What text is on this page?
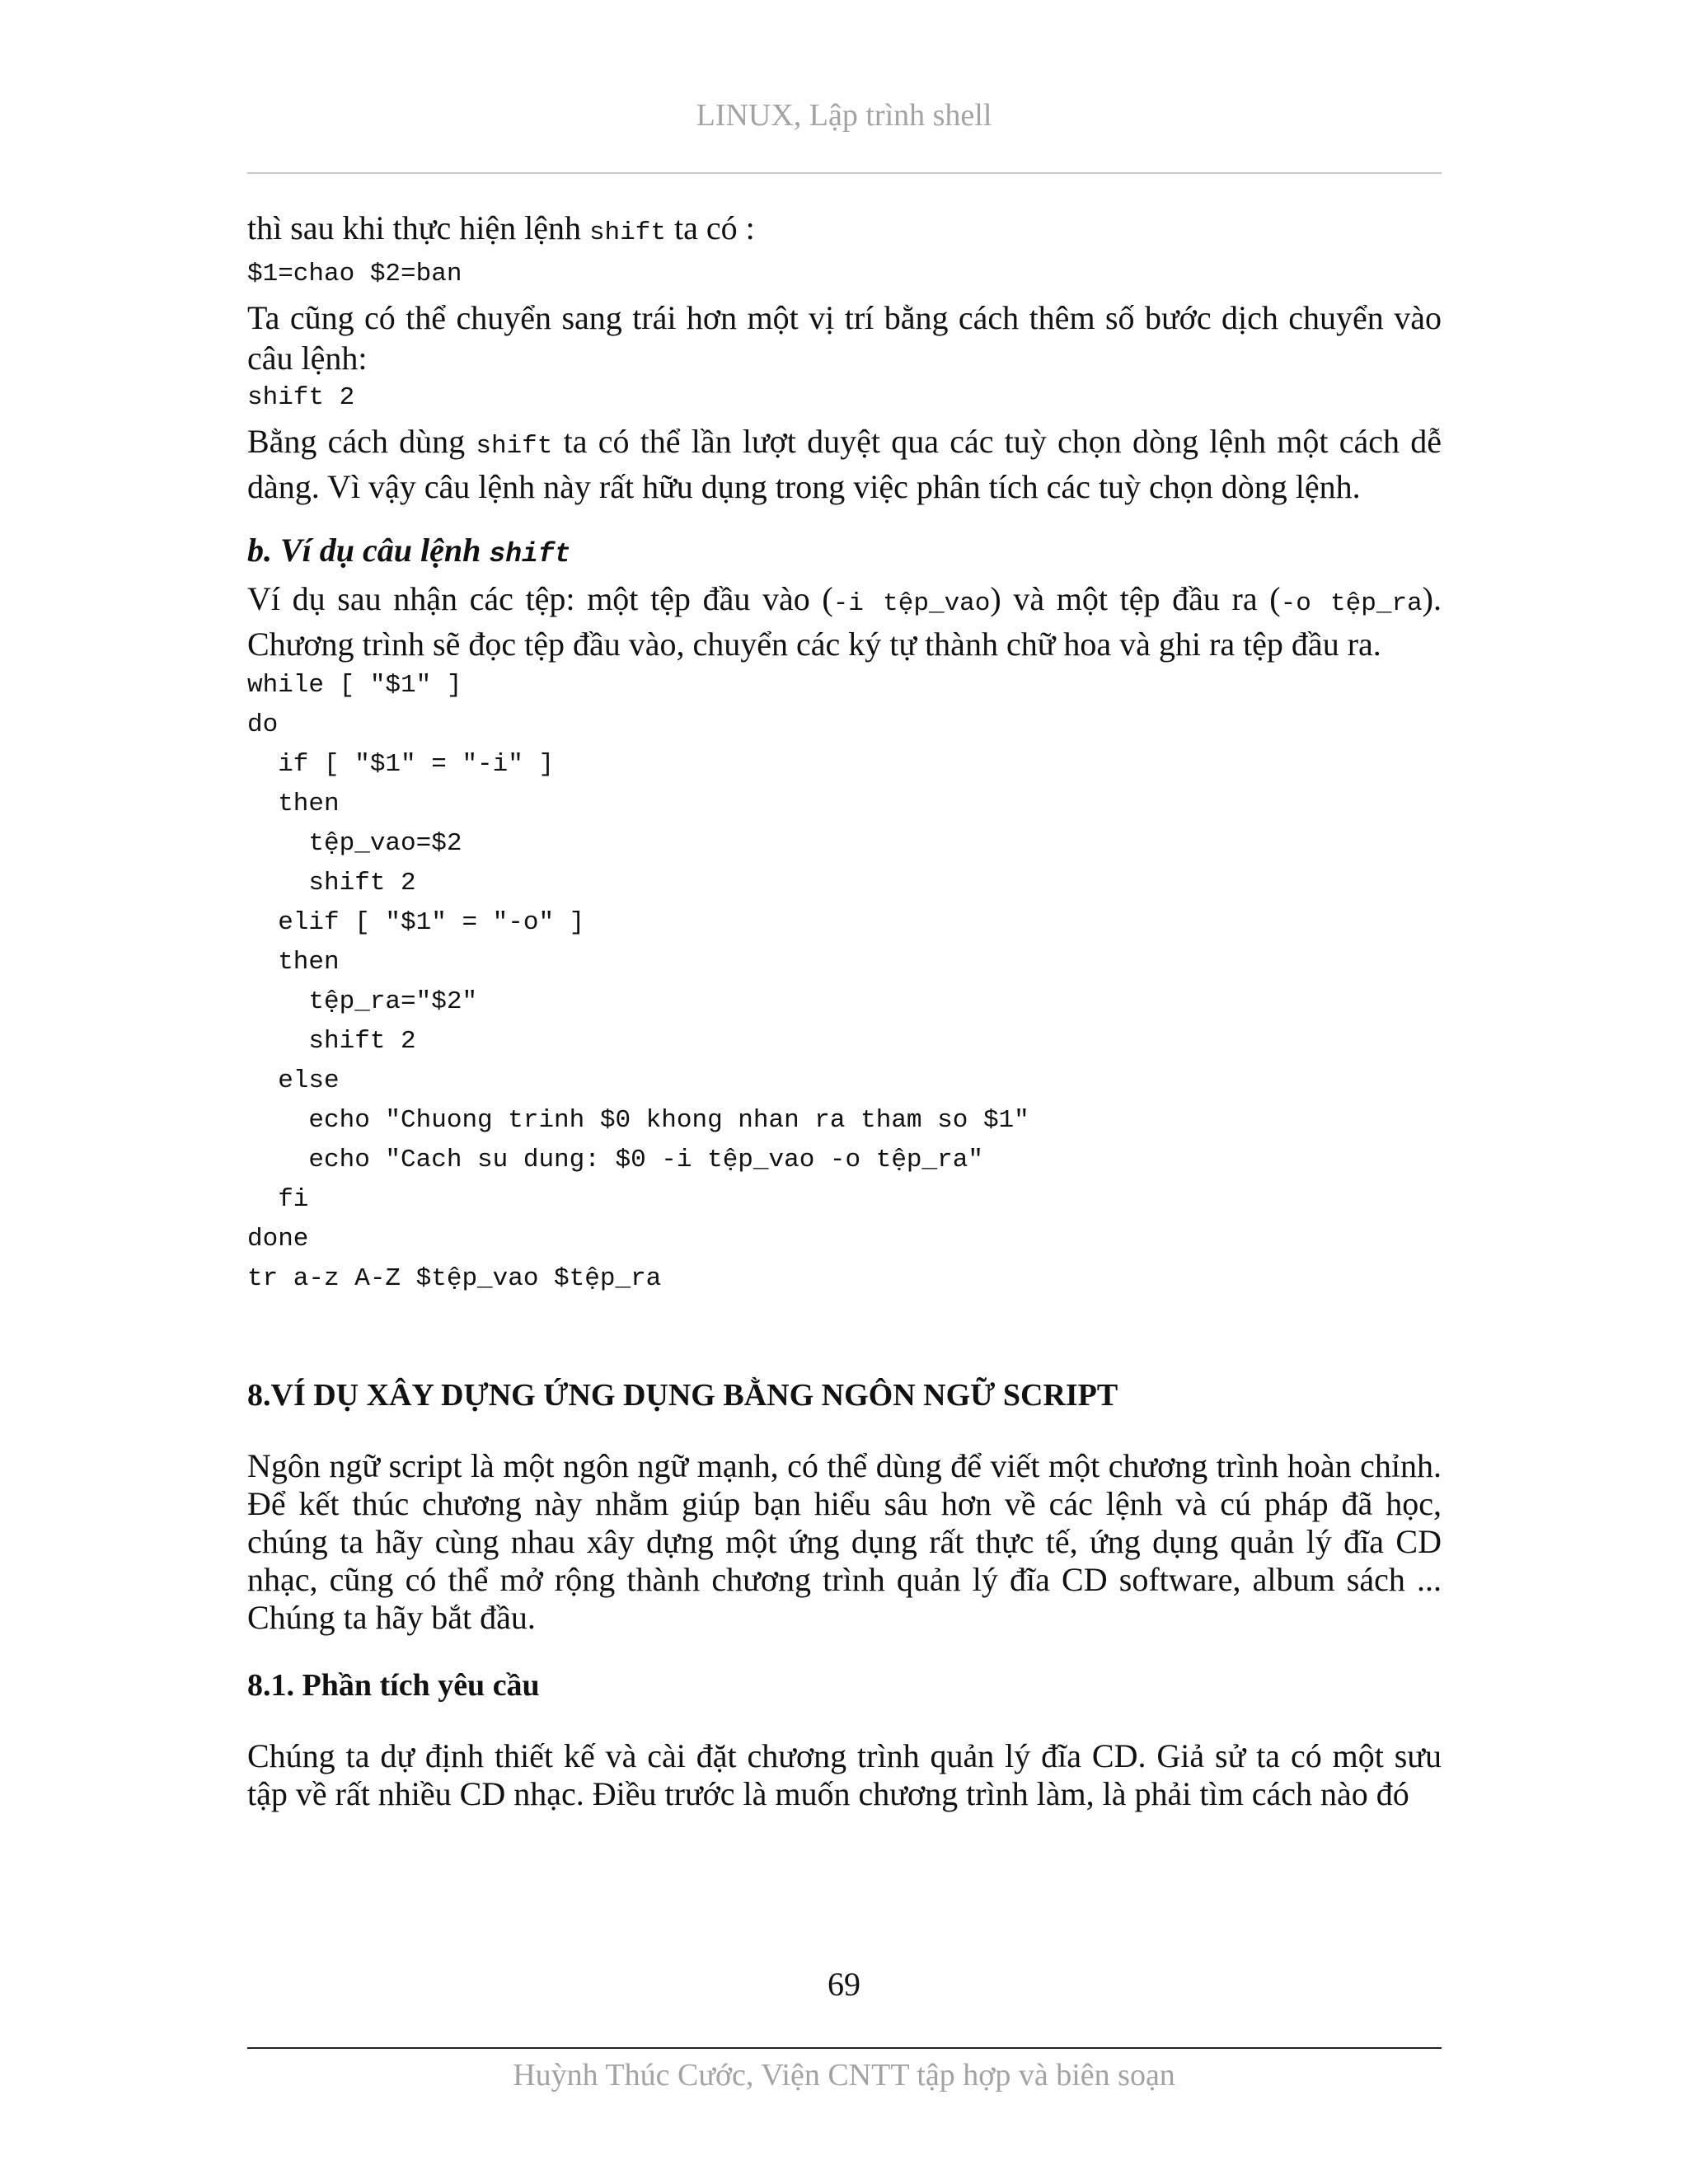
LINUX, Lập trình shell

thì sau khi thực hiện lệnh shift ta có :

$1=chao $2=ban

Ta cũng có thể chuyển sang trái hơn một vị trí bằng cách thêm số bước dịch chuyển vào câu lệnh:

shift 2

Bằng cách dùng shift ta có thể lần lượt duyệt qua các tuỳ chọn dòng lệnh một cách dễ dàng. Vì vậy câu lệnh này rất hữu dụng trong việc phân tích các tuỳ chọn dòng lệnh.

b. Ví dụ câu lệnh shift

Ví dụ sau nhận các tệp: một tệp đầu vào (-i tệp_vao) và một tệp đầu ra (-o tệp_ra). Chương trình sẽ đọc tệp đầu vào, chuyển các ký tự thành chữ hoa và ghi ra tệp đầu ra.

while [ "$1" ]
do
if [ "$1" = "-i" ]
then
tệp_vao=$2
shift 2
elif [ "$1" = "-o" ]
then
tệp_ra="$2"
shift 2
else
echo "Chuong trinh $0 khong nhan ra tham so $1"
echo "Cach su dung: $0 -i tệp_vao -o tệp_ra"
fi
done
tr a-z A-Z $tệp_vao $tệp_ra
8.VÍ DỤ XÂY DỰNG ỨNG DỤNG BẰNG NGÔN NGỮ SCRIPT

Ngôn ngữ script là một ngôn ngữ mạnh, có thể dùng để viết một chương trình hoàn chỉnh. Để kết thúc chương này nhằm giúp bạn hiểu sâu hơn về các lệnh và cú pháp đã học, chúng ta hãy cùng nhau xây dựng một ứng dụng rất thực tế, ứng dụng quản lý đĩa CD nhạc, cũng có thể mở rộng thành chương trình quản lý đĩa CD software, album sách ... Chúng ta hãy bắt đầu.

8.1. Phần tích yêu cầu

Chúng ta dự định thiết kế và cài đặt chương trình quản lý đĩa CD. Giả sử ta có một sưu tập về rất nhiều CD nhạc. Điều trước là muốn chương trình làm, là phải tìm cách nào đó

69
Huỳnh Thúc Cước, Viện CNTT tập hợp và biên soạn
